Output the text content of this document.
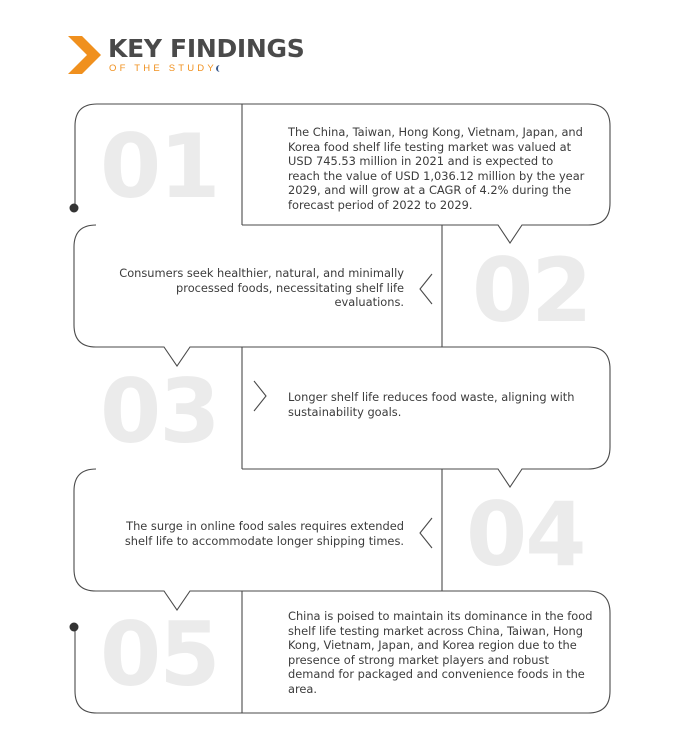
KEY FINDINGS
OF THE STUDY
01	The China, Taiwan, Hong Kong, Vietnam, Japan, and Korea food shelf life testing market was valued at USD 745.53 million in 2021 and is expected to reach the value of USD 1,036.12 million by the year 2029, and will grow at a CAGR of 4.2% during the forecast period of 2022 to 2029.
02
Consumers seek healthier, natural, and minimally processed foods, necessitating shelf life evaluations.
03	Longer shelf life reduces food waste, aligning with sustainability goals.
04
The surge in online food sales requires extended shelf life to accommodate longer shipping times.
05	China is poised to maintain its dominance in the food shelf life testing market across China, Taiwan, Hong Kong, Vietnam, Japan, and Korea region due to the presence of strong market players and robust demand for packaged and convenience foods in the area.
